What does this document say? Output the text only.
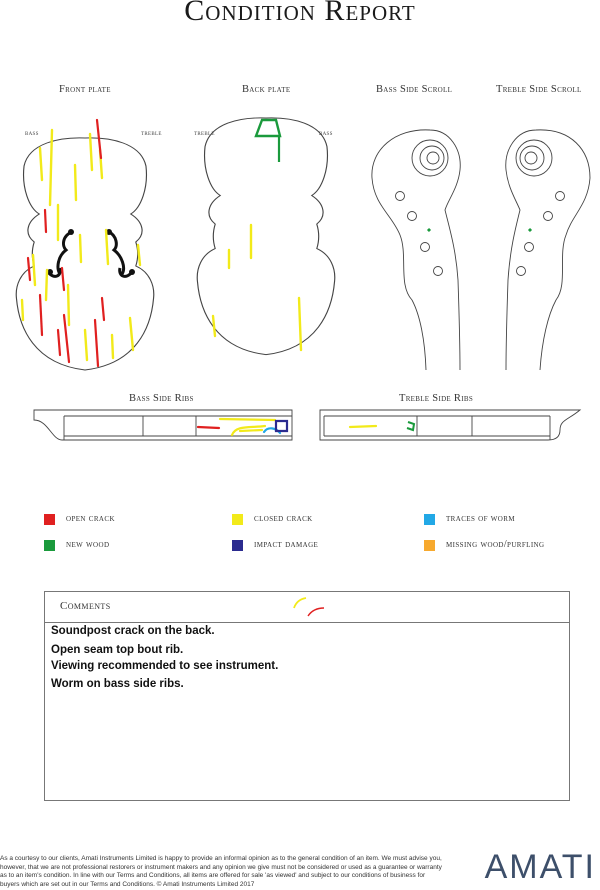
Condition Report
Front plate	Back plate	Bass Side Scroll	Treble Side Scroll
Bass Side Ribs	Treble Side Ribs
bass	treble	treble	bass
open crack	closed crack	traces of worm
new wood	impact damage	missing wood/purfling
Comments
Soundpost crack on the back.
Open seam top bout rib.
Viewing recommended to see instrument.
Worm on bass side ribs.
As a courtesy to our clients, Amati Instruments Limited is happy to provide an informal opinion as to the general condition of an item. We must advise you, however, that we are not professional restorers or instrument makers and any opinion we give must not be considered or used as a guarantee or warranty as to an item's condition. In line with our Terms and Conditions, all items are offered for sale 'as viewed' and subject to our conditions of business for buyers which are set out in our Terms and Conditions. © Amati Instruments Limited 2017	AMATI
